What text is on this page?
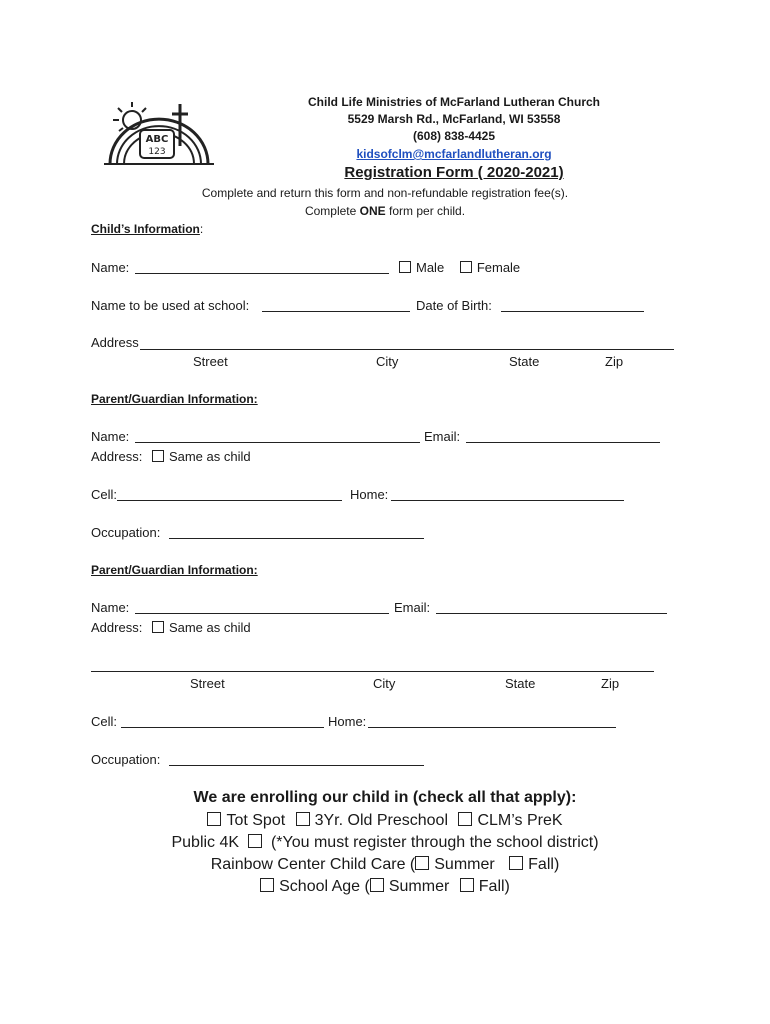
ABC
123
Child Life Ministries of McFarland Lutheran Church
5529 Marsh Rd., McFarland, WI 53558
(608) 838-4425
kidsofclm@mcfarlandlutheran.org
Registration Form ( 2020-2021)
Complete and return this form and non-refundable registration fee(s).
Complete ONE form per child.
Child’s Information:
Name:	Male	Female
Name to be used at school:	Date of Birth:
Address
Street	City	State	Zip
Parent/Guardian Information:
Name:	Email:
Address: Same as child
Cell:	Home:
Occupation:
Parent/Guardian Information:
Name:	Email:
Address: Same as child
Street	City	State	Zip
Cell:	Home:
Occupation:
We are enrolling our child in (check all that apply):
Tot Spot 3Yr. Old Preschool CLM’s PreK
Public 4K (*You must register through the school district)
Rainbow Center Child Care ( Summer Fall)
School Age ( Summer Fall)
